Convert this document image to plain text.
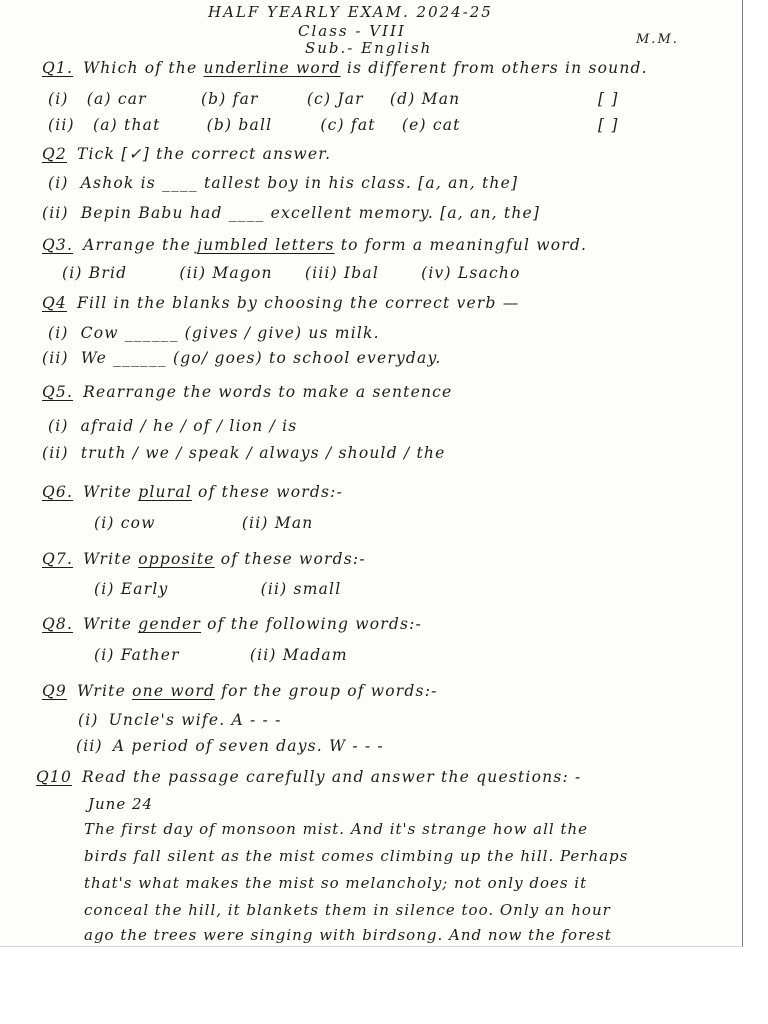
HALF YEARLY EXAM. 2024-25
Class - VIII
Sub.- English	M.M.
Q1. Which of the underline word is different from others in sound.
(i) (a) car	(b) far	(c) Jar (d) Man	[ ]
(ii) (a) that	(b) ball	(c) fat (e) cat	[ ]
Q2 Tick [✓] the correct answer.
(i) Ashok is ____ tallest boy in his class. [a, an, the]
(ii) Bepin Babu had ____ excellent memory. [a, an, the]
Q3. Arrange the jumbled letters to form a meaningful word.
(i) Brid	(ii) Magon (iii) Ibal	(iv) Lsacho
Q4 Fill in the blanks by choosing the correct verb —
(i) Cow ______ (gives / give) us milk.
(ii) We ______ (go/ goes) to school everyday.
Q5. Rearrange the words to make a sentence
(i) afraid / he / of / lion / is
(ii) truth / we / speak / always / should / the
Q6. Write plural of these words:-
(i) cow	(ii) Man
Q7. Write opposite of these words:-
(i) Early	(ii) small
Q8. Write gender of the following words:-
(i) Father	(ii) Madam
Q9 Write one word for the group of words:-
(i) Uncle's wife. A - - -
(ii) A period of seven days. W - - -
Q10 Read the passage carefully and answer the questions: -
June 24
The first day of monsoon mist. And it's strange how all the
birds fall silent as the mist comes climbing up the hill. Perhaps
that's what makes the mist so melancholy; not only does it
conceal the hill, it blankets them in silence too. Only an hour
ago the trees were singing with birdsong. And now the forest
